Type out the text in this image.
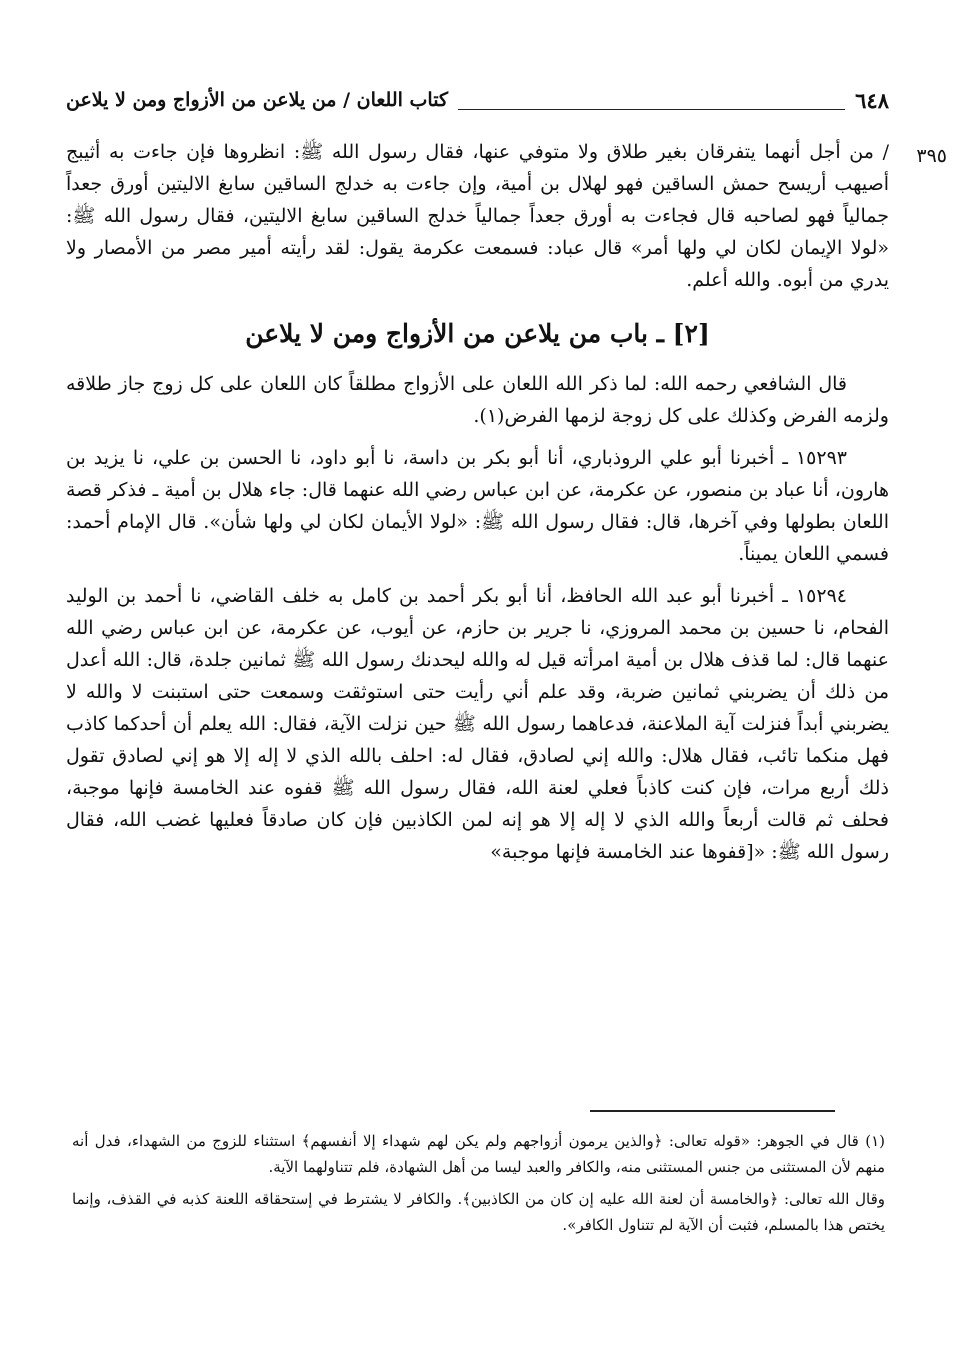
٦٤٨
كتاب اللعان / من يلاعن من الأزواج ومن لا يلاعن
٣٩٥

/ من أجل أنهما يتفرقان بغير طلاق ولا متوفي عنها، فقال رسول الله ﷺ: انظروها فإن جاءت به أثيبج أصيهب أريسح حمش الساقين فهو لهلال بن أمية، وإن جاءت به خدلج الساقين سابغ الاليتين أورق جعداً جمالياً فهو لصاحبه قال فجاءت به أورق جعداً جمالياً خدلج الساقين سابغ الاليتين، فقال رسول الله ﷺ: «لولا الإيمان لكان لي ولها أمر» قال عباد: فسمعت عكرمة يقول: لقد رأيته أمير مصر من الأمصار ولا يدري من أبوه. والله أعلم.

[٢] ـ باب من يلاعن من الأزواج ومن لا يلاعن

قال الشافعي رحمه الله: لما ذكر الله اللعان على الأزواج مطلقاً كان اللعان على كل زوج جاز طلاقه ولزمه الفرض وكذلك على كل زوجة لزمها الفرض(١).

١٥٢٩٣ ـ أخبرنا أبو علي الروذباري، أنا أبو بكر بن داسة، نا أبو داود، نا الحسن بن علي، نا يزيد بن هارون، أنا عباد بن منصور، عن عكرمة، عن ابن عباس رضي الله عنهما قال: جاء هلال بن أمية ـ فذكر قصة اللعان بطولها وفي آخرها، قال: فقال رسول الله ﷺ: «لولا الأيمان لكان لي ولها شأن». قال الإمام أحمد: فسمي اللعان يميناً.

١٥٢٩٤ ـ أخبرنا أبو عبد الله الحافظ، أنا أبو بكر أحمد بن كامل به خلف القاضي، نا أحمد بن الوليد الفحام، نا حسين بن محمد المروزي، نا جرير بن حازم، عن أيوب، عن عكرمة، عن ابن عباس رضي الله عنهما قال: لما قذف هلال بن أمية امرأته قيل له والله ليحدنك رسول الله ﷺ ثمانين جلدة، قال: الله أعدل من ذلك أن يضربني ثمانين ضربة، وقد علم أني رأيت حتى استوثقت وسمعت حتى استبنت لا والله لا يضربني أبداً فنزلت آية الملاعنة، فدعاهما رسول الله ﷺ حين نزلت الآية، فقال: الله يعلم أن أحدكما كاذب فهل منكما تائب، فقال هلال: والله إني لصادق، فقال له: احلف بالله الذي لا إله إلا هو إني لصادق تقول ذلك أربع مرات، فإن كنت كاذباً فعلي لعنة الله، فقال رسول الله ﷺ قفوه عند الخامسة فإنها موجبة، فحلف ثم قالت أربعاً والله الذي لا إله إلا هو إنه لمن الكاذبين فإن كان صادقاً فعليها غضب الله، فقال رسول الله ﷺ: «[قفوها عند الخامسة فإنها موجبة»

(١) قال في الجوهر: «قوله تعالى: ﴿والذين يرمون أزواجهم ولم يكن لهم شهداء إلا أنفسهم﴾ استثناء للزوج من الشهداء، فدل أنه منهم لأن المستثنى من جنس المستثنى منه، والكافر والعبد ليسا من أهل الشهادة، فلم تتناولهما الآية.

وقال الله تعالى: ﴿والخامسة أن لعنة الله عليه إن كان من الكاذبين﴾. والكافر لا يشترط في إستحقاقه اللعنة كذبه في القذف، وإنما يختص هذا بالمسلم، فثبت أن الآية لم تتناول الكافر».
